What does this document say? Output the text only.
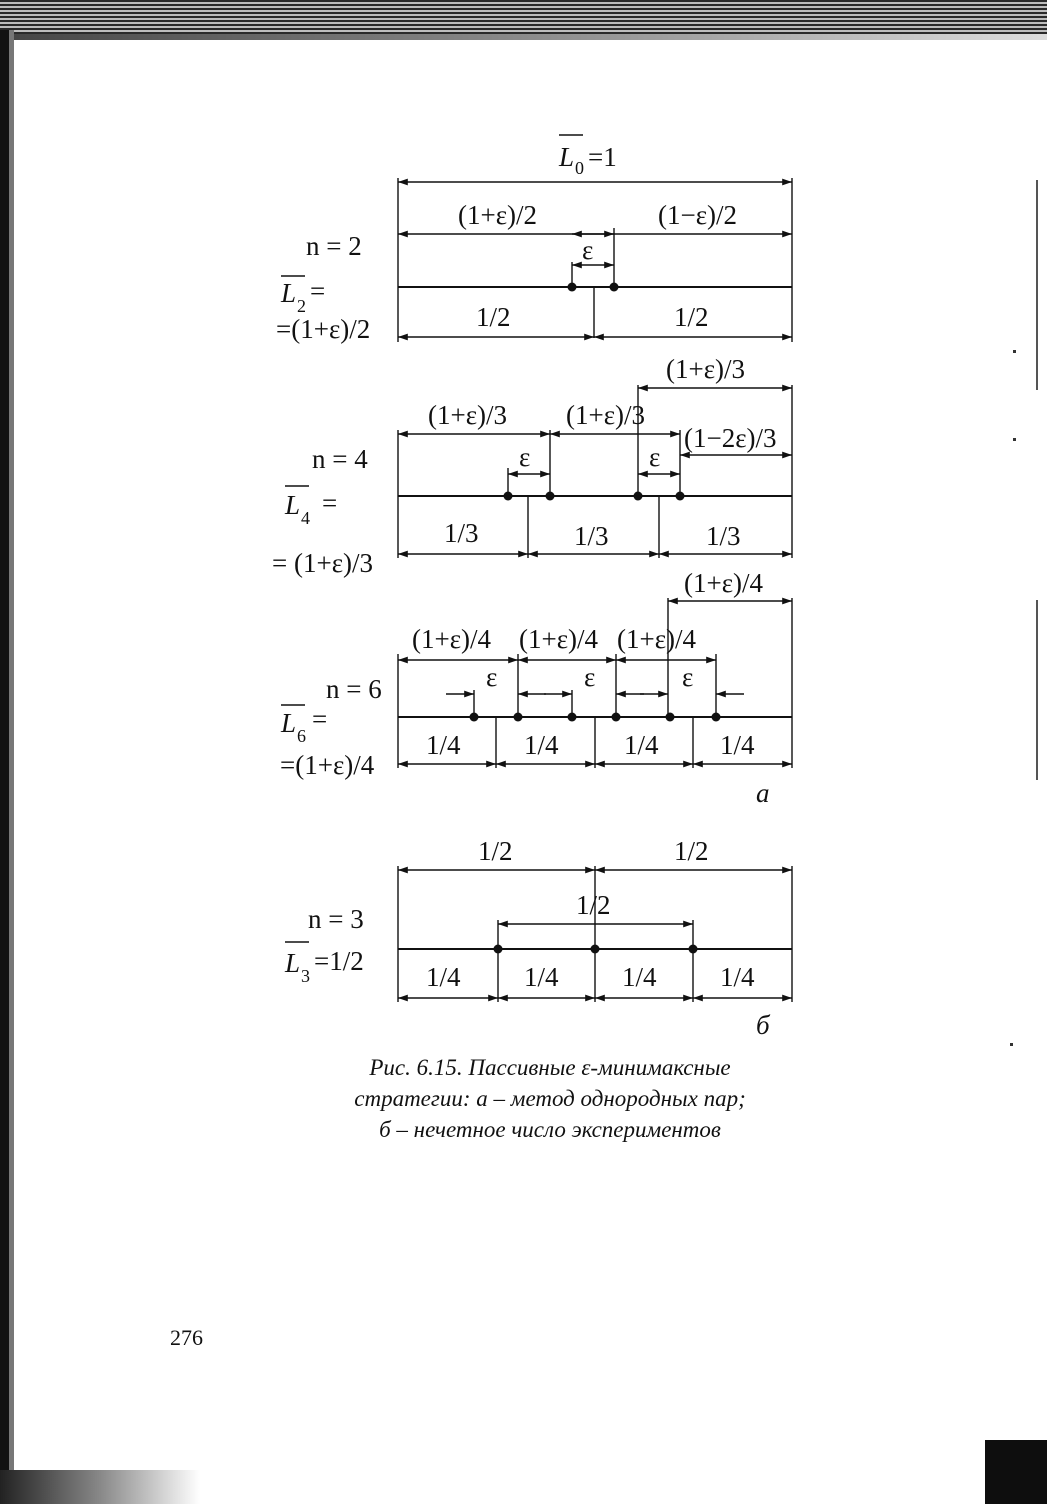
L 0 =1
(1+ε)/2	(1−ε)/2
ε
n = 2
L 2 =
=(1+ε)/2	1/2	1/2
(1+ε)/3
(1+ε)/3 (1+ε)/3
(1−2ε)/3
ε	ε
n = 4
L 4 =
= (1+ε)/3
1/3	1/3	1/3
(1+ε)/4
(1+ε)/4 (1+ε)/4 (1+ε)/4
ε	ε	ε
n = 6
L 6
=
=(1+ε)/4
1/4 1/4 1/4 1/4
а
1/2	1/2
1/2
n = 3
L 3 =1/2
1/4 1/4 1/4 1/4
б
Рис. 6.15. Пассивные ε-минимаксные
стратегии: а – метод однородных пар;
б – нечетное число экспериментов
276
